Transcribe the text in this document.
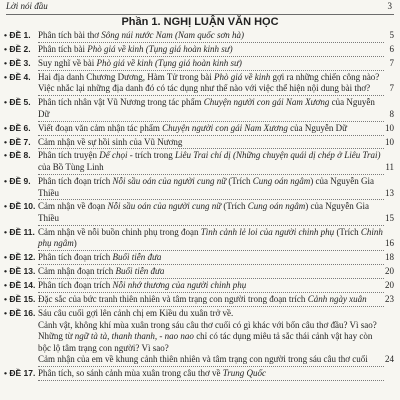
Lời nói đầu	3
Phần 1. NGHỊ LUẬN VĂN HỌC
• ĐỀ 1. Phân tích bài thơ Sông núi nước Nam (Nam quốc sơn hà)	5
• ĐỀ 2. Phân tích bài Phò giá về kinh (Tụng giá hoàn kinh sư)	6
• ĐỀ 3. Suy nghĩ về bài Phò giá về kinh (Tụng giá hoàn kinh sư)	7
• ĐỀ 4. Hai địa danh Chương Dương, Hàm Tử trong bài Phò giá về kinh gợi ra những chiến công nào? Việc nhắc lại những địa danh đó có tác dụng như thế nào với việc thể hiện nội dung bài thơ?	7
• ĐỀ 5. Phân tích nhân vật Vũ Nương trong tác phẩm Chuyện người con gái Nam Xương của Nguyễn Dữ	8
• ĐỀ 6. Viết đoạn văn cảm nhận tác phẩm Chuyện người con gái Nam Xương của Nguyễn Dữ	10
• ĐỀ 7. Cảm nhận về sự hồi sinh của Vũ Nương	10
• ĐỀ 8. Phân tích truyện Dế chọi - trích trong Liêu Trai chí dị (Những chuyện quái dị chép ở Liêu Trai) của Bồ Tùng Linh	11
• ĐỀ 9. Phân tích đoạn trích Nỗi sầu oán của người cung nữ (Trích Cung oán ngâm) của Nguyễn Gia Thiều	13
• ĐỀ 10. Cảm nhận về đoạn Nỗi sầu oán của người cung nữ (Trích Cung oán ngâm) của Nguyễn Gia Thiều	15
• ĐỀ 11. Cảm nhận về nỗi buồn chinh phụ trong đoạn Tình cảnh lẻ loi của người chinh phụ (Trích Chinh phụ ngâm)	16
• ĐỀ 12. Phân tích đoạn trích Buổi tiễn đưa	18
• ĐỀ 13. Cảm nhận đoạn trích Buổi tiễn đưa	20
• ĐỀ 14. Phân tích đoạn trích Nỗi nhớ thương của người chinh phụ	20
• ĐỀ 15. Đặc sắc của bức tranh thiên nhiên và tâm trạng con người trong đoạn trích Cảnh ngày xuân	23
• ĐỀ 16. Sáu câu cuối gợi lên cảnh chị em Kiều du xuân trở về.
Cảnh vật, không khí mùa xuân trong sáu câu thơ cuối có gì khác với bốn câu thơ đầu? Vì sao? Những từ ngữ tà tà, thanh thanh, - nao nao chỉ có tác dụng miêu tả sắc thái cảnh vật hay còn bộc lộ tâm trạng con người? Vì sao?
Cảm nhận của em về khung cảnh thiên nhiên và tâm trạng con người trong sáu câu thơ cuối	24
• ĐỀ 17. Phân tích, so sánh cảnh mùa xuân trong câu thơ về Trung Quốc
